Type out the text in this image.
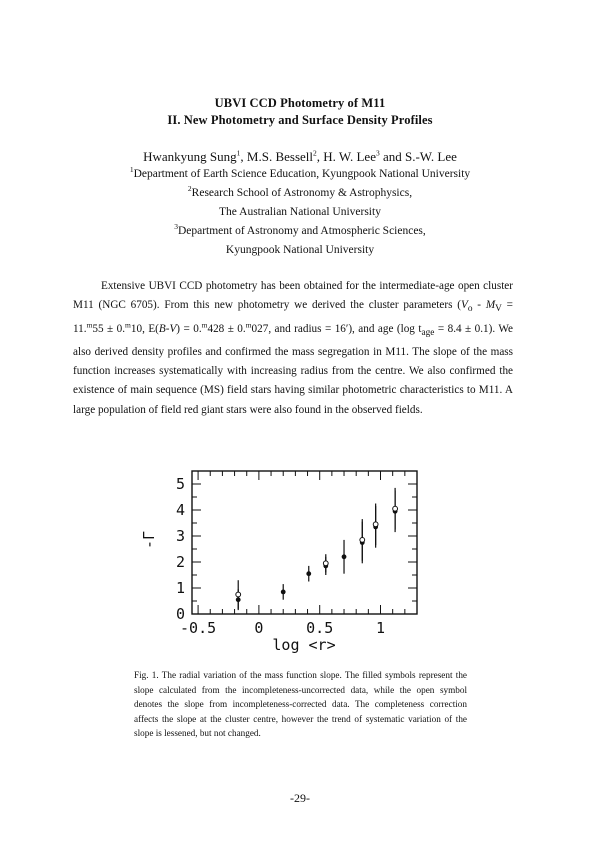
UBVI CCD Photometry of M11
II. New Photometry and Surface Density Profiles
Hwankyung Sung$^1$, M.S. Bessell$^2$, H. W. Lee$^3$ and S.-W. Lee
$^1$Department of Earth Science Education, Kyungpook National University
$^2$Research School of Astronomy & Astrophysics,
The Australian National University
$^3$Department of Astronomy and Atmospheric Sciences,
Kyungpook National University

Extensive UBVI CCD photometry has been obtained for the intermediate-age open cluster M11 (NGC 6705). From this new photometry we derived the cluster parameters ($V_o - M_V = 11.^m55 \pm 0.^m10$, E(B-V) = 0.$^m$428 ± 0.$^m$027, and radius = 16′), and age (log $t_{age} = 8.4 \pm 0.1$). We also derived density profiles and confirmed the mass segregation in M11. The slope of the mass function increases systematically with increasing radius from the centre. We also confirmed the existence of main sequence (MS) field stars having similar photometric characteristics to M11. A large population of field red giant stars were also found in the observed fields.

-0.5	0	0.5	1
0
1
2
3
4
5
log <r>
-Γ
Fig. 1. The radial variation of the mass function slope. The filled symbols represent the slope calculated from the incompleteness-uncorrected data, while the open symbol denotes the slope from incompleteness-corrected data. The completeness correction affects the slope at the cluster centre, however the trend of systematic variation of the slope is lessened, but not changed.
-29-
